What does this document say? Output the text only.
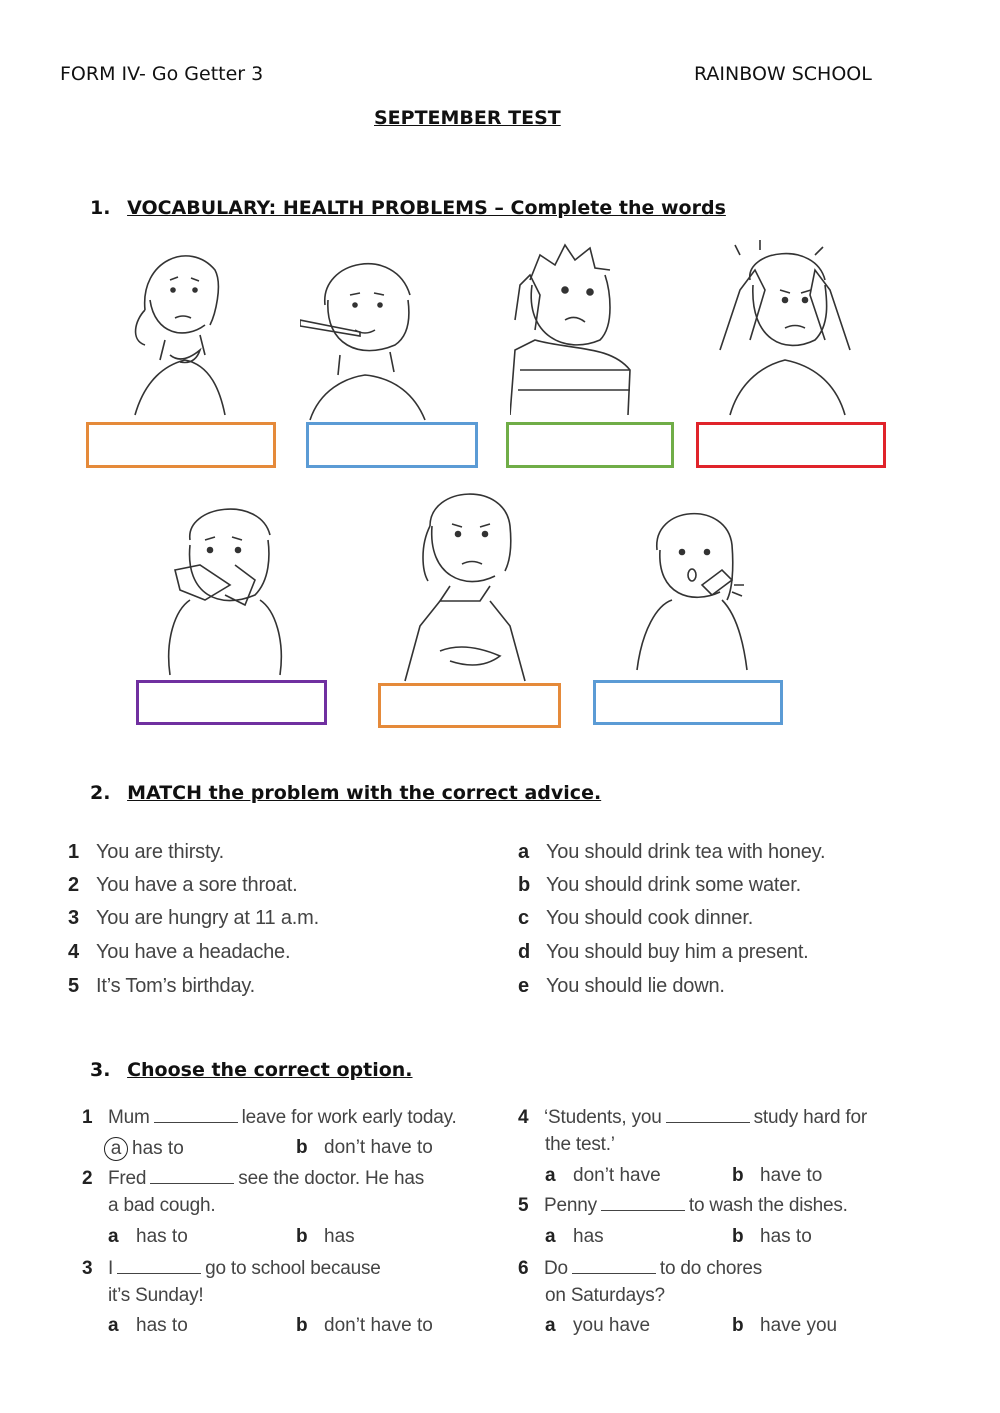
FORM IV- Go Getter 3	RAINBOW SCHOOL
SEPTEMBER TEST
1. VOCABULARY: HEALTH PROBLEMS – Complete the words
2. MATCH the problem with the correct advice.
1 You are thirsty.
2 You have a sore throat.
3 You are hungry at 11 a.m.
4 You have a headache.
5 It’s Tom’s birthday.
a You should drink tea with honey.
b You should drink some water.
c You should cook dinner.
d You should buy him a present.
e You should lie down.
3. Choose the correct option.
1 Mum	leave for work early today.
a has to	b don’t have to
2 Fred	see the doctor. He has
a bad cough.
a has to	b has
3 I	go to school because
it’s Sunday!
a has to	b don’t have to
4 ‘Students, you	study hard for
the test.’
a don’t have	b have to
5 Penny	to wash the dishes.
a has	b has to
6 Do	to do chores
on Saturdays?
a you have	b have you
